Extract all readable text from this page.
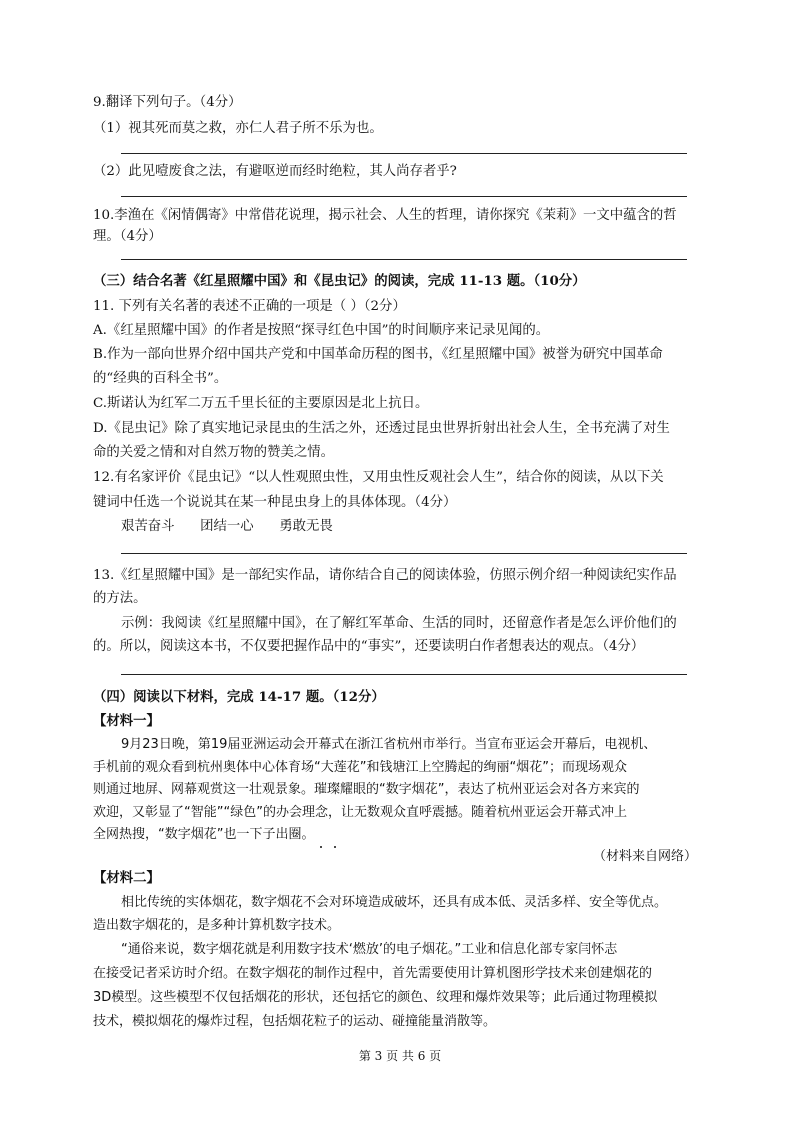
9.翻译下列句子。（4分）
（1）视其死而莫之救，亦仁人君子所不乐为也。
（2）此见噎废食之法，有避呕逆而经时绝粒，其人尚存者乎?
10.李渔在《闲情偶寄》中常借花说理，揭示社会、人生的哲理，请你探究《茉莉》一文中蕴含的哲
理。（4分）
（三）结合名著《红星照耀中国》和《昆虫记》的阅读，完成 11-13 题。（10分）
11. 下列有关名著的表述不正确的一项是（ ）（2分）
A.《红星照耀中国》的作者是按照“探寻红色中国”的时间顺序来记录见闻的。
B.作为一部向世界介绍中国共产党和中国革命历程的图书，《红星照耀中国》被誉为研究中国革命
的“经典的百科全书”。
C.斯诺认为红军二万五千里长征的主要原因是北上抗日。
D.《昆虫记》除了真实地记录昆虫的生活之外，还透过昆虫世界折射出社会人生，全书充满了对生
命的关爱之情和对自然万物的赞美之情。
12.有名家评价《昆虫记》“以人性观照虫性，又用虫性反观社会人生”，结合你的阅读，从以下关
键词中任选一个说说其在某一种昆虫身上的具体体现。（4分）
艰苦奋斗      团结一心      勇敢无畏
13.《红星照耀中国》是一部纪实作品，请你结合自己的阅读体验，仿照示例介绍一种阅读纪实作品
的方法。
示例：我阅读《红星照耀中国》，在了解红军革命、生活的同时，还留意作者是怎么评价他们的
的。所以，阅读这本书，不仅要把握作品中的“事实”，还要读明白作者想表达的观点。（4分）
（四）阅读以下材料，完成 14-17 题。（12分）
【材料一】
9月23日晚，第19届亚洲运动会开幕式在浙江省杭州市举行。当宣布亚运会开幕后，电视机、
手机前的观众看到杭州奥体中心体育场“大莲花”和钱塘江上空腾起的绚丽“烟花”；而现场观众
则通过地屏、网幕观赏这一壮观景象。璀璨耀眼的“数字烟花”，表达了杭州亚运会对各方来宾的
欢迎，又彰显了“智能”“绿色”的办会理念，让无数观众直呼震撼。随着杭州亚运会开幕式冲上
全网热搜，“数字烟花”也一下子出圈。
（材料来自网络）
【材料二】
相比传统的实体烟花，数字烟花不会对环境造成破坏，还具有成本低、灵活多样、安全等优点。
造出数字烟花的，是多种计算机数字技术。
“通俗来说，数字烟花就是利用数字技术‘燃放’的电子烟花。”工业和信息化部专家闫怀志
在接受记者采访时介绍。在数字烟花的制作过程中，首先需要使用计算机图形学技术来创建烟花的
3D模型。这些模型不仅包括烟花的形状，还包括它的颜色、纹理和爆炸效果等；此后通过物理模拟
技术，模拟烟花的爆炸过程，包括烟花粒子的运动、碰撞能量消散等。
第 3 页 共 6 页
